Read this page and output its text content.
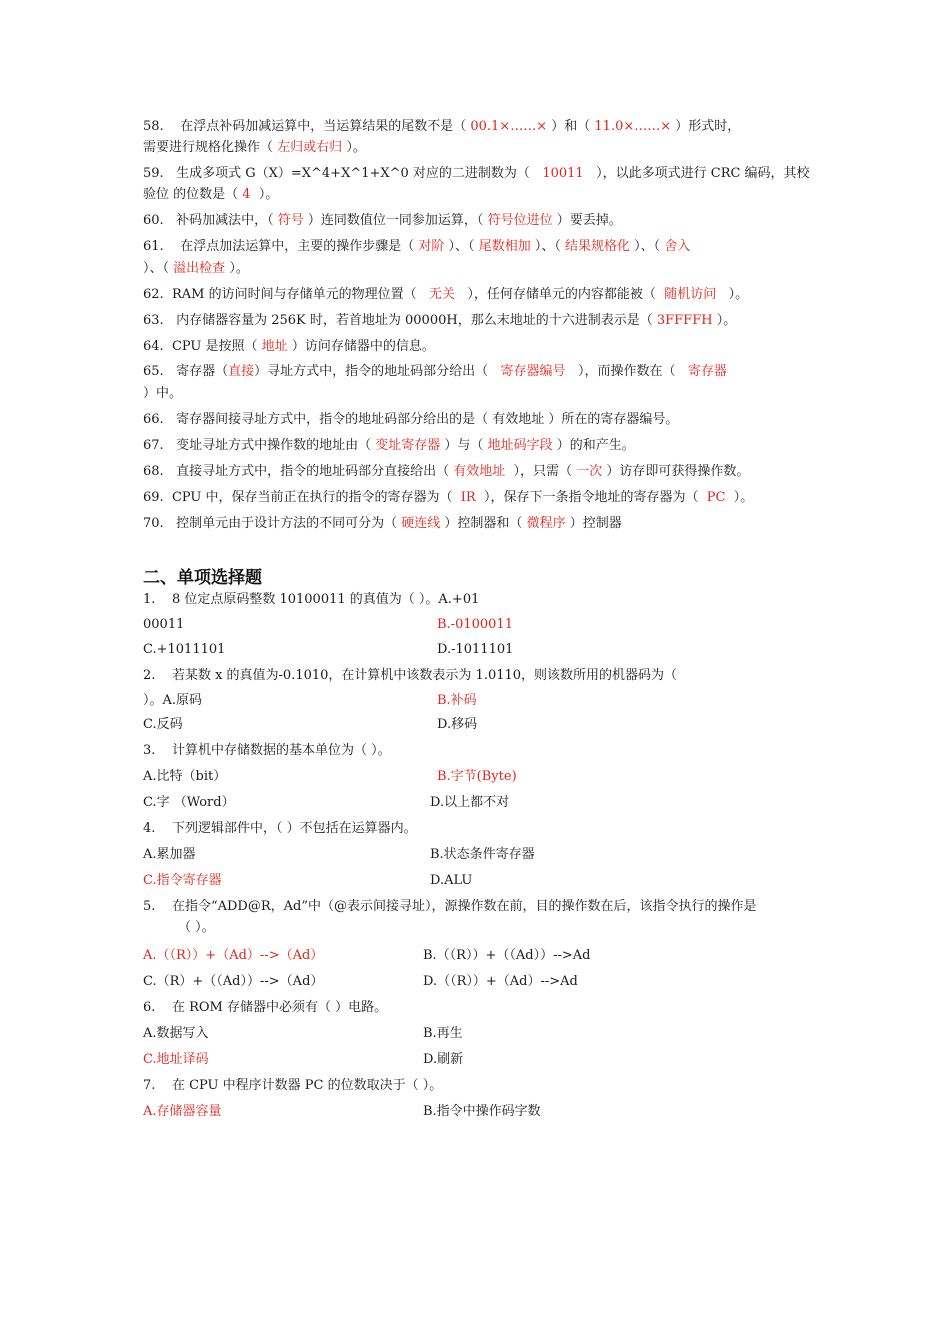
58. 在浮点补码加减运算中，当运算结果的尾数不是（ 00.1×……× ）和（ 11.0×……× ）形式时，
需要进行规格化操作（ 左归或右归 ）。
59. 生成多项式 G（X）=X^4+X^1+X^0 对应的二进制数为（ 10011 ），以此多项式进行 CRC 编码，其校
验位 的位数是（ 4 ）。
60. 补码加减法中，（ 符号 ）连同数值位一同参加运算，（ 符号位进位 ）要丢掉。
61. 在浮点加法运算中，主要的操作步骤是（ 对阶 ）、（ 尾数相加 ）、（ 结果规格化 ）、（ 舍入
）、（ 溢出检查 ）。
62. RAM 的访问时间与存储单元的物理位置（ 无关 ），任何存储单元的内容都能被（ 随机访问 ）。
63. 内存储器容量为 256K 时，若首地址为 00000H，那么末地址的十六进制表示是（ 3FFFFH ）。
64. CPU 是按照（ 地址 ）访问存储器中的信息。
65. 寄存器（直接）寻址方式中，指令的地址码部分给出（ 寄存器编号 ），而操作数在（ 寄存器
）中。
66. 寄存器间接寻址方式中，指令的地址码部分给出的是（ 有效地址 ）所在的寄存器编号。
67. 变址寻址方式中操作数的地址由（ 变址寄存器 ）与（ 地址码字段 ）的和产生。
68. 直接寻址方式中，指令的地址码部分直接给出（ 有效地址 ），只需（ 一次 ）访存即可获得操作数。
69. CPU 中，保存当前正在执行的指令的寄存器为（ IR ），保存下一条指令地址的寄存器为（ PC ）。
70. 控制单元由于设计方法的不同可分为（ 硬连线 ）控制器和（ 微程序 ）控制器
二、单项选择题
1. 8 位定点原码整数 10100011 的真值为（ ）。A.+01
00011	B.-0100011
C.+1011101	D.-1011101
2. 若某数 x 的真值为-0.1010，在计算机中该数表示为 1.0110，则该数所用的机器码为（
）。A.原码	B.补码
C.反码	D.移码
3. 计算机中存储数据的基本单位为（ ）。
A.比特（bit）	B.字节(Byte)
C.字 （Word）	D.以上都不对
4. 下列逻辑部件中，（ ）不包括在运算器内。
A.累加器	B.状态条件寄存器
C.指令寄存器	D.ALU
5. 在指令“ADD@R，Ad”中（@表示间接寻址），源操作数在前，目的操作数在后，该指令执行的操作是
（ ）。
A.（（R））+（Ad）-->（Ad）	B.（（R））+（（Ad））-->Ad
C.（R）+（（Ad））-->（Ad）	D.（（R））+（Ad）-->Ad
6. 在 ROM 存储器中必须有（ ）电路。
A.数据写入	B.再生
C.地址译码	D.刷新
7. 在 CPU 中程序计数器 PC 的位数取决于（ ）。
A.存储器容量	B.指令中操作码字数
